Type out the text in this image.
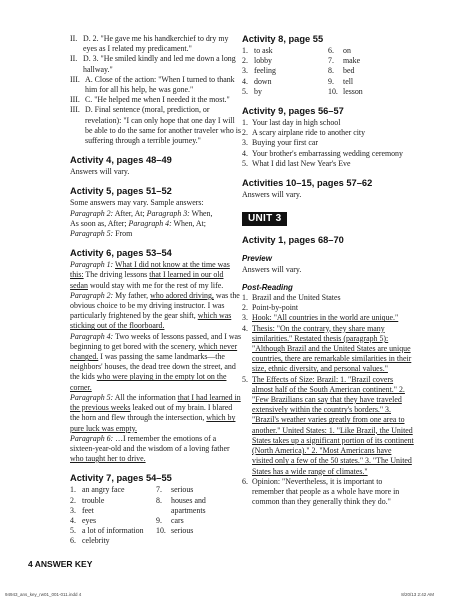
II. D. 2. "He gave me his handkerchief to dry my eyes as I related my predicament."
II. D. 3. "He smiled kindly and led me down a long hallway."
III. A. Close of the action: "When I turned to thank him for all his help, he was gone."
III. C. "He helped me when I needed it the most."
III. D. Final sentence (moral, prediction, or revelation): "I can only hope that one day I will be able to do the same for another traveler who is suffering through a terrible journey."
Activity 4, pages 48–49

Answers will vary.

Activity 5, pages 51–52

Some answers may vary. Sample answers:
Paragraph 2: After, At; Paragraph 3: When,
As soon as, After; Paragraph 4: When, At;
Paragraph 5: From

Activity 6, pages 53–54

Paragraph 1: What I did not know at the time was this: The driving lessons that I learned in our old sedan would stay with me for the rest of my life.

Paragraph 2: My father, who adored driving, was the obvious choice to be my driving instructor. I was particularly frightened by the gear shift, which was sticking out of the floorboard.

Paragraph 4: Two weeks of lessons passed, and I was beginning to get bored with the scenery, which never changed. I was passing the same landmarks—the neighbors' houses, the dead tree down the street, and the kids who were playing in the empty lot on the corner.

Paragraph 5: All the information that I had learned in the previous weeks leaked out of my brain. I blared the horn and flew through the intersection, which by pure luck was empty.

Paragraph 6: …I remember the emotions of a sixteen-year-old and the wisdom of a loving father who taught her to drive.

Activity 7, pages 54–55
1. an angry face
2. trouble
3. feet
4. eyes
5. a lot of information
6. celebrity
7. serious
8. houses and apartments
9. cars
10. serious
Activity 8, page 55
1. to ask
2. lobby
3. feeling
4. down
5. by
6. on
7. make
8. bed
9. tell
10. lesson
Activity 9, pages 56–57
1. Your last day in high school
2. A scary airplane ride to another city
3. Buying your first car
4. Your brother's embarrassing wedding ceremony
5. What I did last New Year's Eve
Activities 10–15, pages 57–62

Answers will vary.

UNIT 3
Activity 1, pages 68–70
Preview

Answers will vary.

Post-Reading
1. Brazil and the United States
2. Point-by-point
3. Hook: "All countries in the world are unique."
4. Thesis: "On the contrary, they share many similarities." Restated thesis (paragraph 5): "Although Brazil and the United States are unique countries, there are remarkable similarities in their size, ethnic diversity, and personal values."
5. The Effects of Size: Brazil: 1. "Brazil covers almost half of the South American continent." 2. "Few Brazilians can say that they have traveled extensively within the country's borders." 3. "Brazil's weather varies greatly from one area to another." United States: 1. "Like Brazil, the United States takes up a significant portion of its continent (North America)." 2. "Most Americans have visited only a few of the 50 states." 3. "The United States has a wide range of climates."
6. Opinion: "Nevertheless, it is important to remember that people as a whole have more in common than they generally think they do."
4 ANSWER KEY
94943_ans_key_rw01_001-011.indd 4	8/20/13 2:42 AM
